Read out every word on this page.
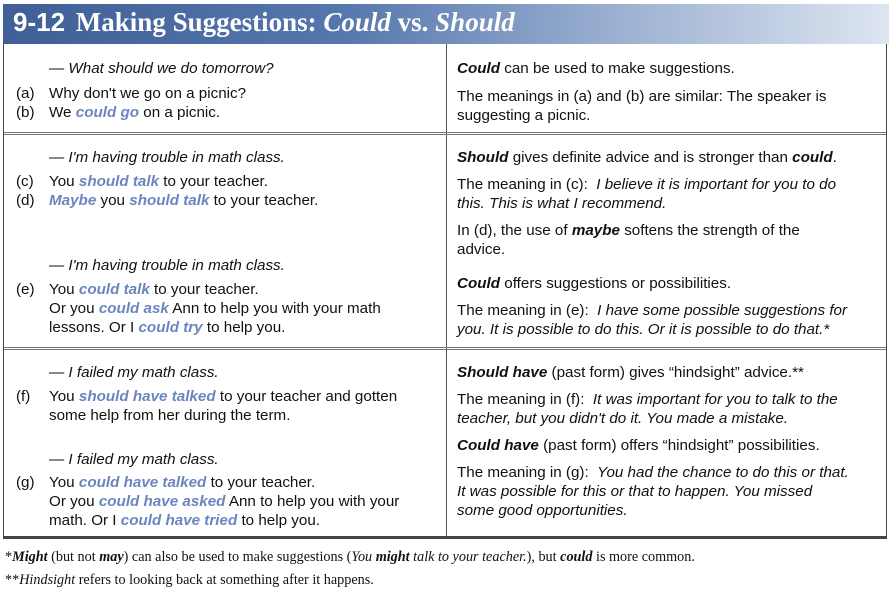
9-12 Making Suggestions: Could vs. Should
— What should we do tomorrow?
(a) Why don't we go on a picnic?
(b) We could go on a picnic.
Could can be used to make suggestions.
The meanings in (a) and (b) are similar: The speaker is
suggesting a picnic.
— I'm having trouble in math class.
(c) You should talk to your teacher.
(d) Maybe you should talk to your teacher.
— I'm having trouble in math class.
(e) You could talk to your teacher.
Or you could ask Ann to help you with your math
lessons. Or I could try to help you.
Should gives definite advice and is stronger than could.
The meaning in (c): I believe it is important for you to do
this. This is what I recommend.
In (d), the use of maybe softens the strength of the
advice.
Could offers suggestions or possibilities.
The meaning in (e): I have some possible suggestions for
you. It is possible to do this. Or it is possible to do that.*
— I failed my math class.
(f) You should have talked to your teacher and gotten
some help from her during the term.
— I failed my math class.
(g) You could have talked to your teacher.
Or you could have asked Ann to help you with your
math. Or I could have tried to help you.
Should have (past form) gives “hindsight” advice.**
The meaning in (f): It was important for you to talk to the
teacher, but you didn't do it. You made a mistake.
Could have (past form) offers “hindsight” possibilities.
The meaning in (g): You had the chance to do this or that.
It was possible for this or that to happen. You missed
some good opportunities.
*Might (but not may) can also be used to make suggestions (You might talk to your teacher.), but could is more common.
**Hindsight refers to looking back at something after it happens.
